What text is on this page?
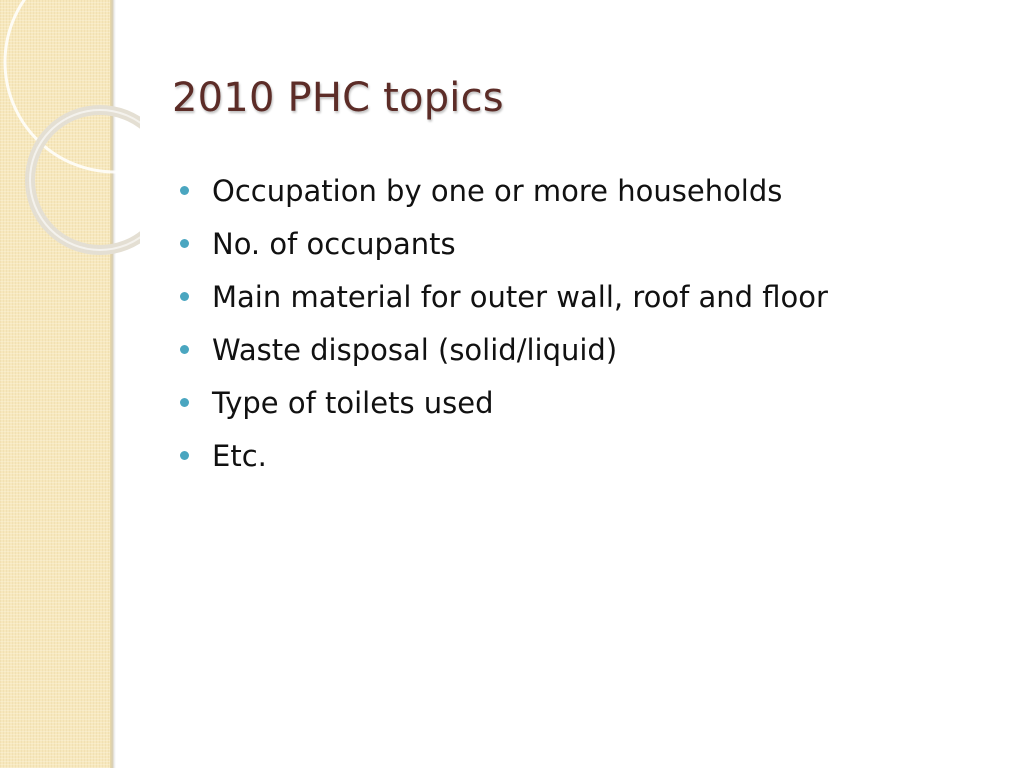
2010 PHC topics
Occupation by one or more households
No. of occupants
Main material for outer wall, roof and floor
Waste disposal (solid/liquid)
Type of toilets used
Etc.
